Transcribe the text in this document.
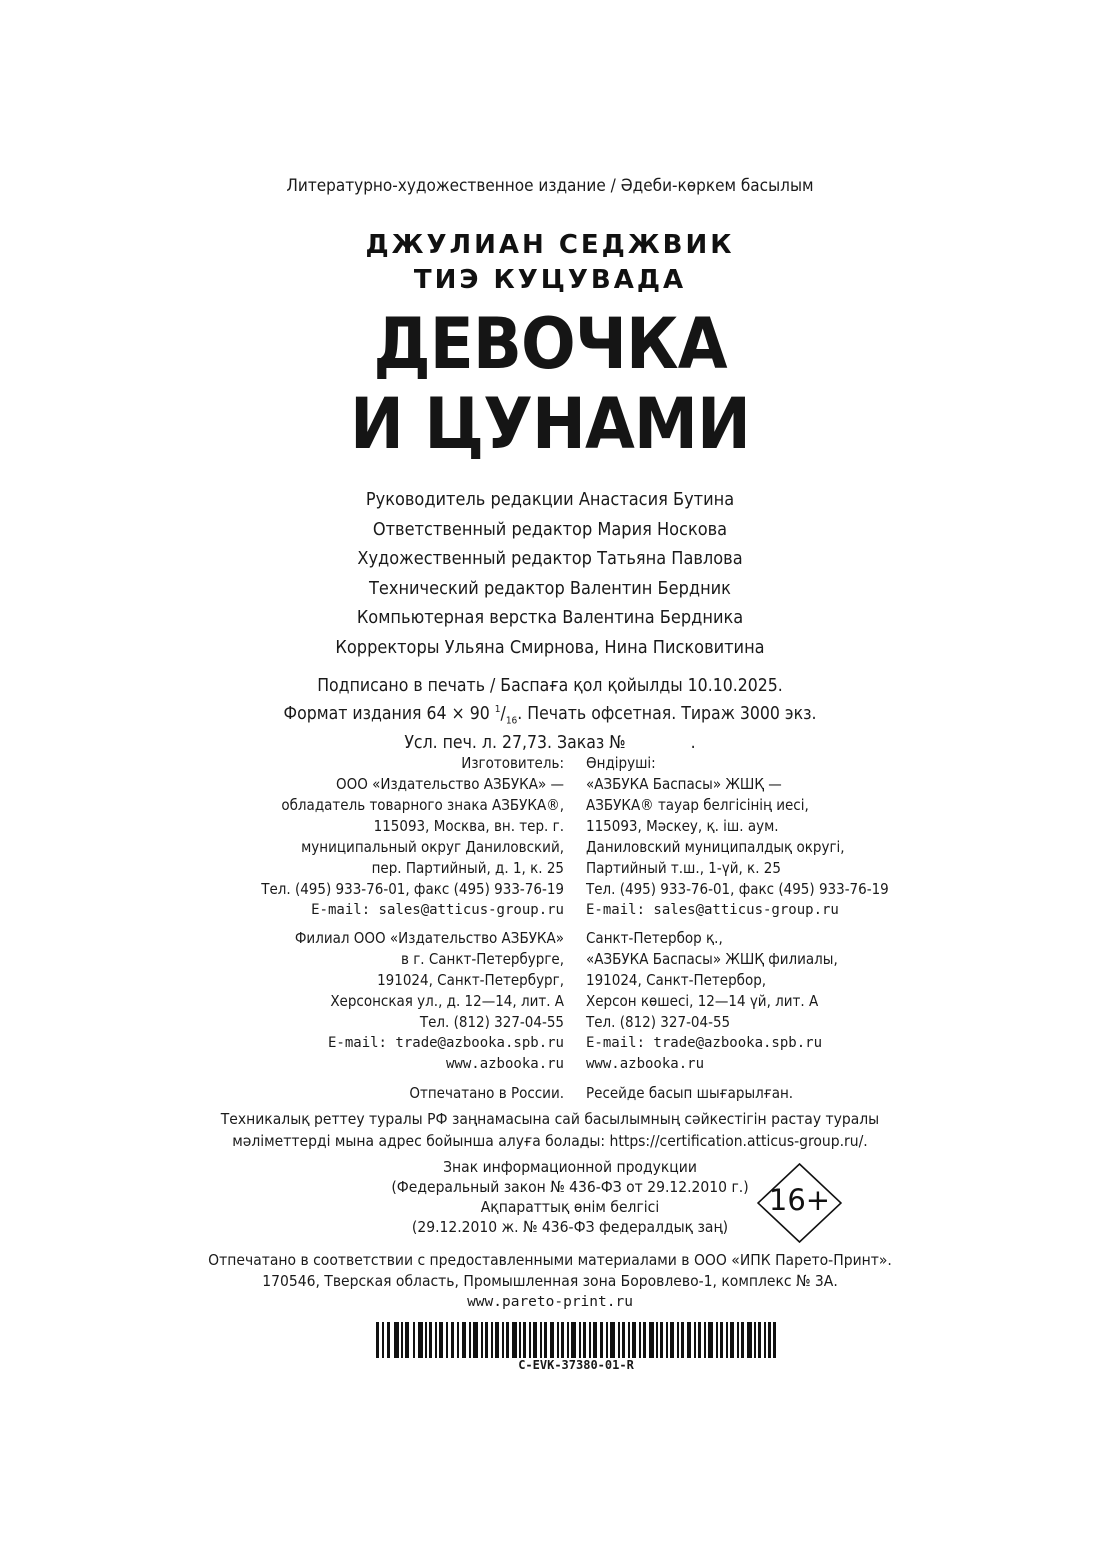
Литературно-художественное издание / Әдеби-көркем басылым
ДЖУЛИАН СЕДЖВИК
ТИЭ КУЦУВАДА
ДЕВОЧКА
И ЦУНАМИ
Руководитель редакции Анастасия Бутина
Ответственный редактор Мария Носкова
Художественный редактор Татьяна Павлова
Технический редактор Валентин Бердник
Компьютерная верстка Валентина Бердника
Корректоры Ульяна Смирнова, Нина Писковитина
Подписано в печать / Баспаға қол қойылды 10.10.2025.
Формат издания 64 × 90 $^1/_{16}$. Печать офсетная. Тираж 3000 экз.
Усл. печ. л. 27,73. Заказ №             .
Изготовитель:
ООО «Издательство АЗБУКА» —
обладатель товарного знака АЗБУКА®,
115093, Москва, вн. тер. г.
муниципальный округ Даниловский,
пер. Партийный, д. 1, к. 25
Тел. (495) 933-76-01, факс (495) 933-76-19
E-mail: sales@atticus-group.ru
Өндіруші:
«АЗБУКА Баспасы» ЖШҚ —
АЗБУКА® тауар белгісінің иесі,
115093, Мәскеу, қ. іш. аум.
Даниловский муниципалдық округі,
Партийный т.ш., 1-үй, к. 25
Тел. (495) 933-76-01, факс (495) 933-76-19
E-mail: sales@atticus-group.ru
Филиал ООО «Издательство АЗБУКА»
в г. Санкт-Петербурге,
191024, Санкт-Петербург,
Херсонская ул., д. 12—14, лит. А
Тел. (812) 327-04-55
E-mail: trade@azbooka.spb.ru
www.azbooka.ru
Отпечатано в России.
Санкт-Петербор қ.,
«АЗБУКА Баспасы» ЖШҚ филиалы,
191024, Санкт-Петербор,
Херсон көшесі, 12—14 үй, лит. А
Тел. (812) 327-04-55
E-mail: trade@azbooka.spb.ru
www.azbooka.ru
Ресейде басып шығарылған.
Техникалық реттеу туралы РФ заңнамасына сай басылымның сәйкестігін растау туралы
мәліметтерді мына адрес бойынша алуға болады: https://certification.atticus-group.ru/.
Знак информационной продукции
(Федеральный закон № 436-ФЗ от 29.12.2010 г.)
Ақпараттық өнім белгісі
(29.12.2010 ж. № 436-ФЗ федералдық заң)
16+
Отпечатано в соответствии с предоставленными материалами в ООО «ИПК Парето-Принт».
170546, Тверская область, Промышленная зона Боровлево-1, комплекс № 3А.
www.pareto-print.ru
C-EVK-37380-01-R
